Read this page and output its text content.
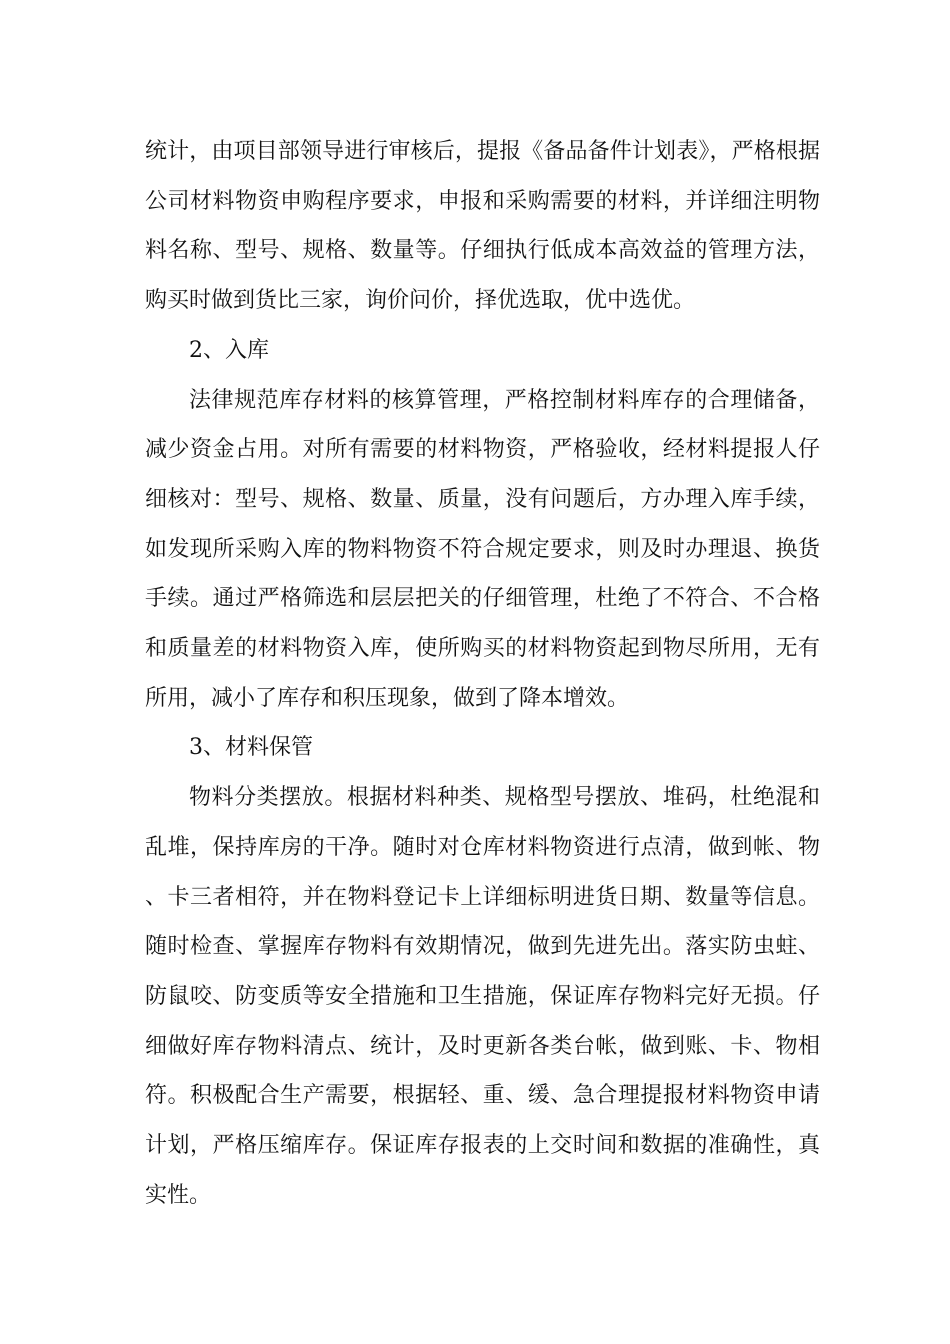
统计，由项目部领导进行审核后，提报《备品备件计划表》，严格根据公司材料物资申购程序要求，申报和采购需要的材料，并详细注明物料名称、型号、规格、数量等。仔细执行低成本高效益的管理方法，购买时做到货比三家，询价问价，择优选取，优中选优。

2、入库

法律规范库存材料的核算管理，严格控制材料库存的合理储备，减少资金占用。对所有需要的材料物资，严格验收，经材料提报人仔细核对：型号、规格、数量、质量，没有问题后，方办理入库手续，如发现所采购入库的物料物资不符合规定要求，则及时办理退、换货手续。通过严格筛选和层层把关的仔细管理，杜绝了不符合、不合格和质量差的材料物资入库，使所购买的材料物资起到物尽所用，无有所用，减小了库存和积压现象，做到了降本增效。

3、材料保管

物料分类摆放。根据材料种类、规格型号摆放、堆码，杜绝混和乱堆，保持库房的干净。随时对仓库材料物资进行点清，做到帐、物、卡三者相符，并在物料登记卡上详细标明进货日期、数量等信息。随时检查、掌握库存物料有效期情况，做到先进先出。落实防虫蛀、防鼠咬、防变质等安全措施和卫生措施，保证库存物料完好无损。仔细做好库存物料清点、统计，及时更新各类台帐，做到账、卡、物相符。积极配合生产需要，根据轻、重、缓、急合理提报材料物资申请计划，严格压缩库存。保证库存报表的上交时间和数据的准确性，真实性。
